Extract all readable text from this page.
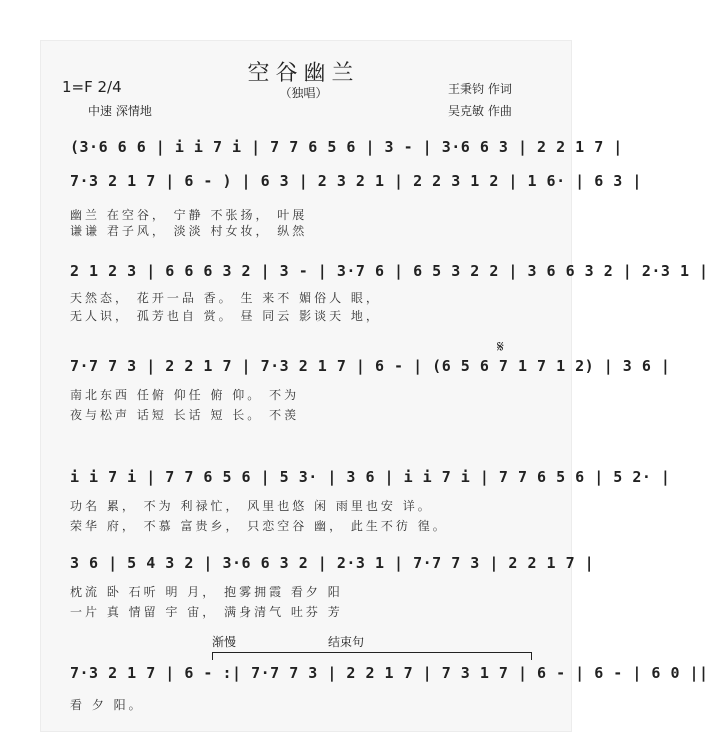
空谷幽兰
（独唱）
1=F 2/4
中速 深情地
王秉钧 作词
吴克敏 作曲
(3·6 6 6 | i i 7 i | 7 7 6 5 6 | 3 - | 3·6 6 3 | 2 2 1 7 |
7·3 2 1 7 | 6 - ) | 6 3 | 2 3 2 1 | 2 2 3 1 2 | 1 6· | 6 3 |
幽兰 在空谷， 宁静 不张扬， 叶展
谦谦 君子风， 淡淡 村女妆， 纵然
2 1 2 3 | 6 6 6 3 2 | 3 - | 3·7 6 | 6 5 3 2 2 | 3 6 6 3 2 | 2·3 1 |
天然态， 花开一品 香。 生 来不 媚俗人 眼，
无人识， 孤芳也自 赏。 昼 同云 影谈天 地，
𝄋
7·7 7 3 | 2 2 1 7 | 7·3 2 1 7 | 6 - | (6 5 6 7 1 7 1 2) | 3 6 |
南北东西 任俯 仰任 俯 仰。 不为
夜与松声 话短 长话 短 长。 不羡
i i 7 i | 7 7 6 5 6 | 5 3· | 3 6 | i i 7 i | 7 7 6 5 6 | 5 2· |
功名 累， 不为 利禄忙， 风里也悠 闲 雨里也安 详。
荣华 府， 不慕 富贵乡， 只恋空谷 幽， 此生不彷 徨。
3 6 | 5 4 3 2 | 3·6 6 3 2 | 2·3 1 | 7·7 7 3 | 2 2 1 7 |
枕流 卧 石听 明 月， 抱雾拥霞 看夕 阳
一片 真 情留 宇 宙， 满身清气 吐芬 芳
渐慢	结束句
7·3 2 1 7 | 6 - :| 7·7 7 3 | 2 2 1 7 | 7 3 1 7 | 6 - | 6 - | 6 0 ||
看 夕 阳。
